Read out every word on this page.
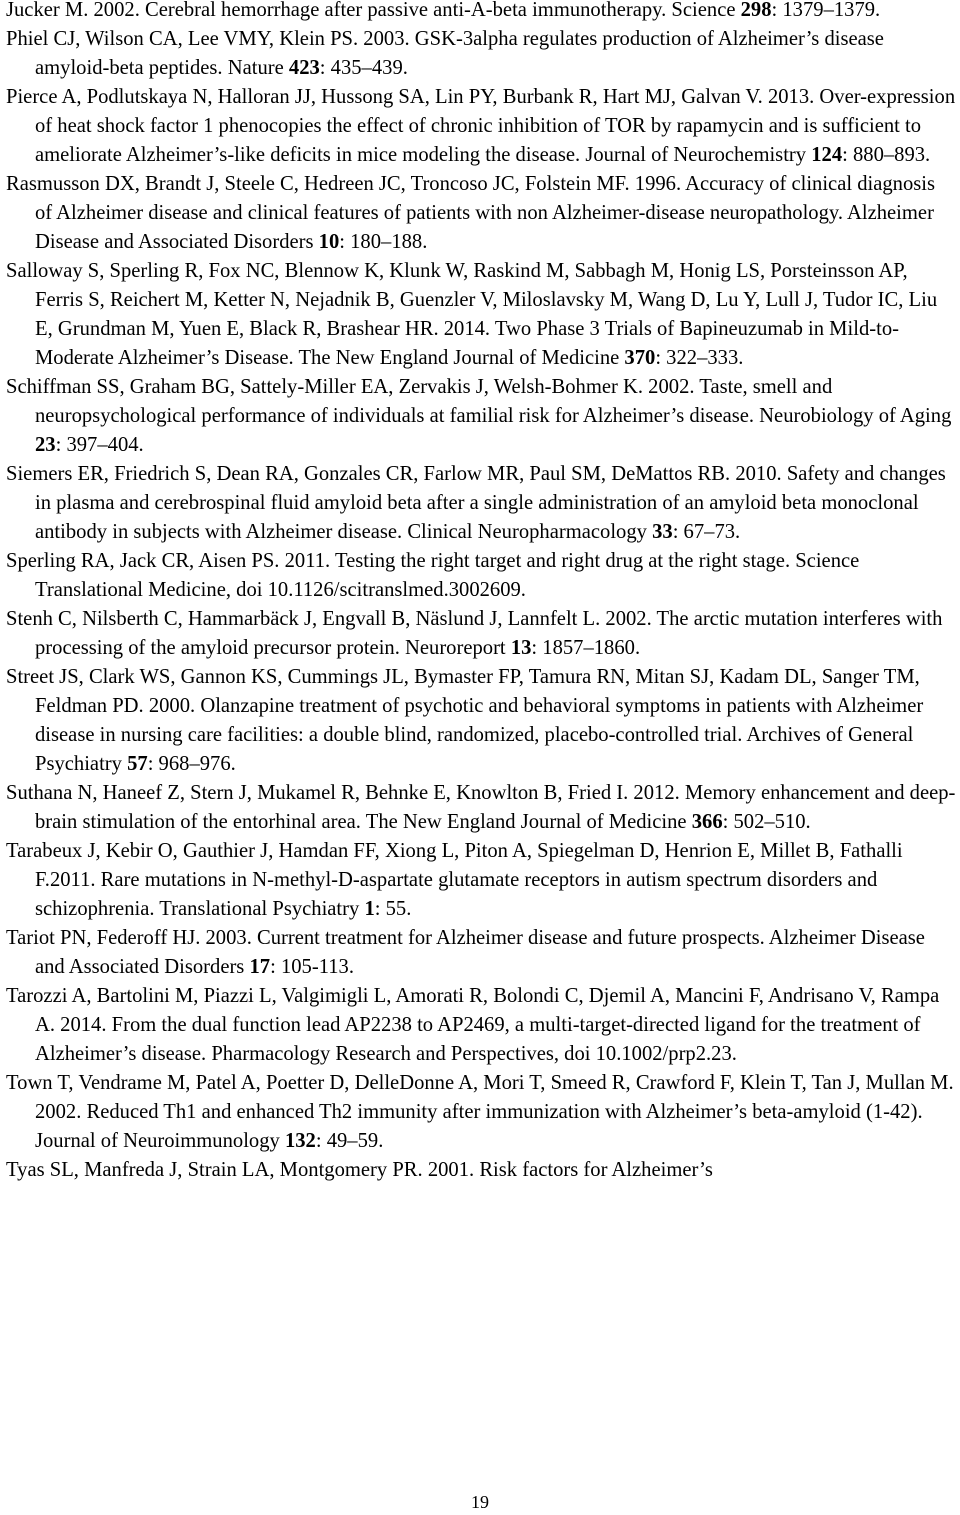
Jucker M. 2002. Cerebral hemorrhage after passive anti-A-beta immunotherapy. Science 298: 1379–1379.
Phiel CJ, Wilson CA, Lee VMY, Klein PS. 2003. GSK-3alpha regulates production of Alzheimer’s disease amyloid-beta peptides. Nature 423: 435–439.
Pierce A, Podlutskaya N, Halloran JJ, Hussong SA, Lin PY, Burbank R, Hart MJ, Galvan V. 2013. Over-expression of heat shock factor 1 phenocopies the effect of chronic inhibition of TOR by rapamycin and is sufficient to ameliorate Alzheimer’s-like deficits in mice modeling the disease. Journal of Neurochemistry 124: 880–893.
Rasmusson DX, Brandt J, Steele C, Hedreen JC, Troncoso JC, Folstein MF. 1996. Accuracy of clinical diagnosis of Alzheimer disease and clinical features of patients with non Alzheimer-disease neuropathology. Alzheimer Disease and Associated Disorders 10: 180–188.
Salloway S, Sperling R, Fox NC, Blennow K, Klunk W, Raskind M, Sabbagh M, Honig LS, Porsteinsson AP, Ferris S, Reichert M, Ketter N, Nejadnik B, Guenzler V, Miloslavsky M, Wang D, Lu Y, Lull J, Tudor IC, Liu E, Grundman M, Yuen E, Black R, Brashear HR. 2014. Two Phase 3 Trials of Bapineuzumab in Mild-to-Moderate Alzheimer’s Disease. The New England Journal of Medicine 370: 322–333.
Schiffman SS, Graham BG, Sattely-Miller EA, Zervakis J, Welsh-Bohmer K. 2002. Taste, smell and neuropsychological performance of individuals at familial risk for Alzheimer’s disease. Neurobiology of Aging 23: 397–404.
Siemers ER, Friedrich S, Dean RA, Gonzales CR, Farlow MR, Paul SM, DeMattos RB. 2010. Safety and changes in plasma and cerebrospinal fluid amyloid beta after a single administration of an amyloid beta monoclonal antibody in subjects with Alzheimer disease. Clinical Neuropharmacology 33: 67–73.
Sperling RA, Jack CR, Aisen PS. 2011. Testing the right target and right drug at the right stage. Science Translational Medicine, doi 10.1126/scitranslmed.3002609.
Stenh C, Nilsberth C, Hammarbäck J, Engvall B, Näslund J, Lannfelt L. 2002. The arctic mutation interferes with processing of the amyloid precursor protein. Neuroreport 13: 1857–1860.
Street JS, Clark WS, Gannon KS, Cummings JL, Bymaster FP, Tamura RN, Mitan SJ, Kadam DL, Sanger TM, Feldman PD. 2000. Olanzapine treatment of psychotic and behavioral symptoms in patients with Alzheimer disease in nursing care facilities: a double blind, randomized, placebo-controlled trial. Archives of General Psychiatry 57: 968–976.
Suthana N, Haneef Z, Stern J, Mukamel R, Behnke E, Knowlton B, Fried I. 2012. Memory enhancement and deep-brain stimulation of the entorhinal area. The New England Journal of Medicine 366: 502–510.
Tarabeux J, Kebir O, Gauthier J, Hamdan FF, Xiong L, Piton A, Spiegelman D, Henrion E, Millet B, Fathalli F.2011. Rare mutations in N-methyl-D-aspartate glutamate receptors in autism spectrum disorders and schizophrenia. Translational Psychiatry 1: 55.
Tariot PN, Federoff HJ. 2003. Current treatment for Alzheimer disease and future prospects. Alzheimer Disease and Associated Disorders 17: 105-113.
Tarozzi A, Bartolini M, Piazzi L, Valgimigli L, Amorati R, Bolondi C, Djemil A, Mancini F, Andrisano V, Rampa A. 2014. From the dual function lead AP2238 to AP2469, a multi-target-directed ligand for the treatment of Alzheimer’s disease. Pharmacology Research and Perspectives, doi 10.1002/prp2.23.
Town T, Vendrame M, Patel A, Poetter D, DelleDonne A, Mori T, Smeed R, Crawford F, Klein T, Tan J, Mullan M. 2002. Reduced Th1 and enhanced Th2 immunity after immunization with Alzheimer’s beta-amyloid (1-42). Journal of Neuroimmunology 132: 49–59.
Tyas SL, Manfreda J, Strain LA, Montgomery PR. 2001. Risk factors for Alzheimer’s
19
